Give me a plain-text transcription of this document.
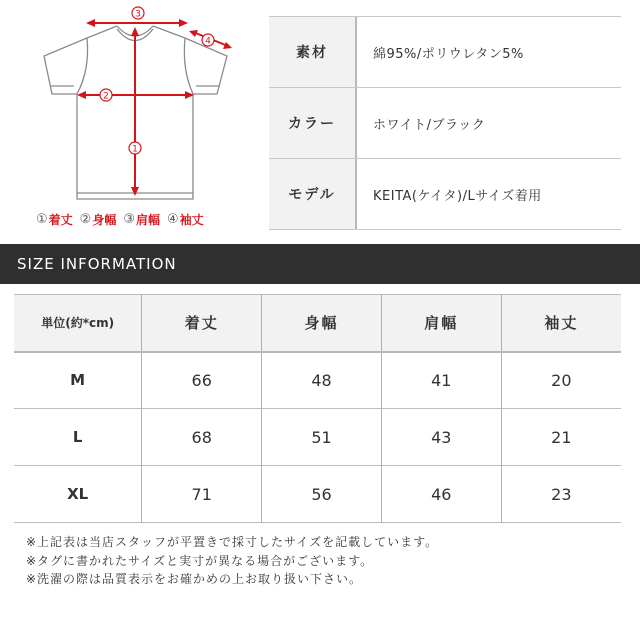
3
4
2
1
① 着丈 ② 身幅 ③ 肩幅 ④ 袖丈
素材	綿95%/ポリウレタン5%
カラー	ホワイト/ブラック
モデル	KEITA(ケイタ)/Lサイズ着用
SIZE INFORMATION
単位(約*cm)	着丈	身幅	肩幅	袖丈
M	66	48	41	20
L	68	51	43	21
XL	71	56	46	23
※上記表は当店スタッフが平置きで採寸したサイズを記載しています。
※タグに書かれたサイズと実寸が異なる場合がございます。
※洗濯の際は品質表示をお確かめの上お取り扱い下さい。
